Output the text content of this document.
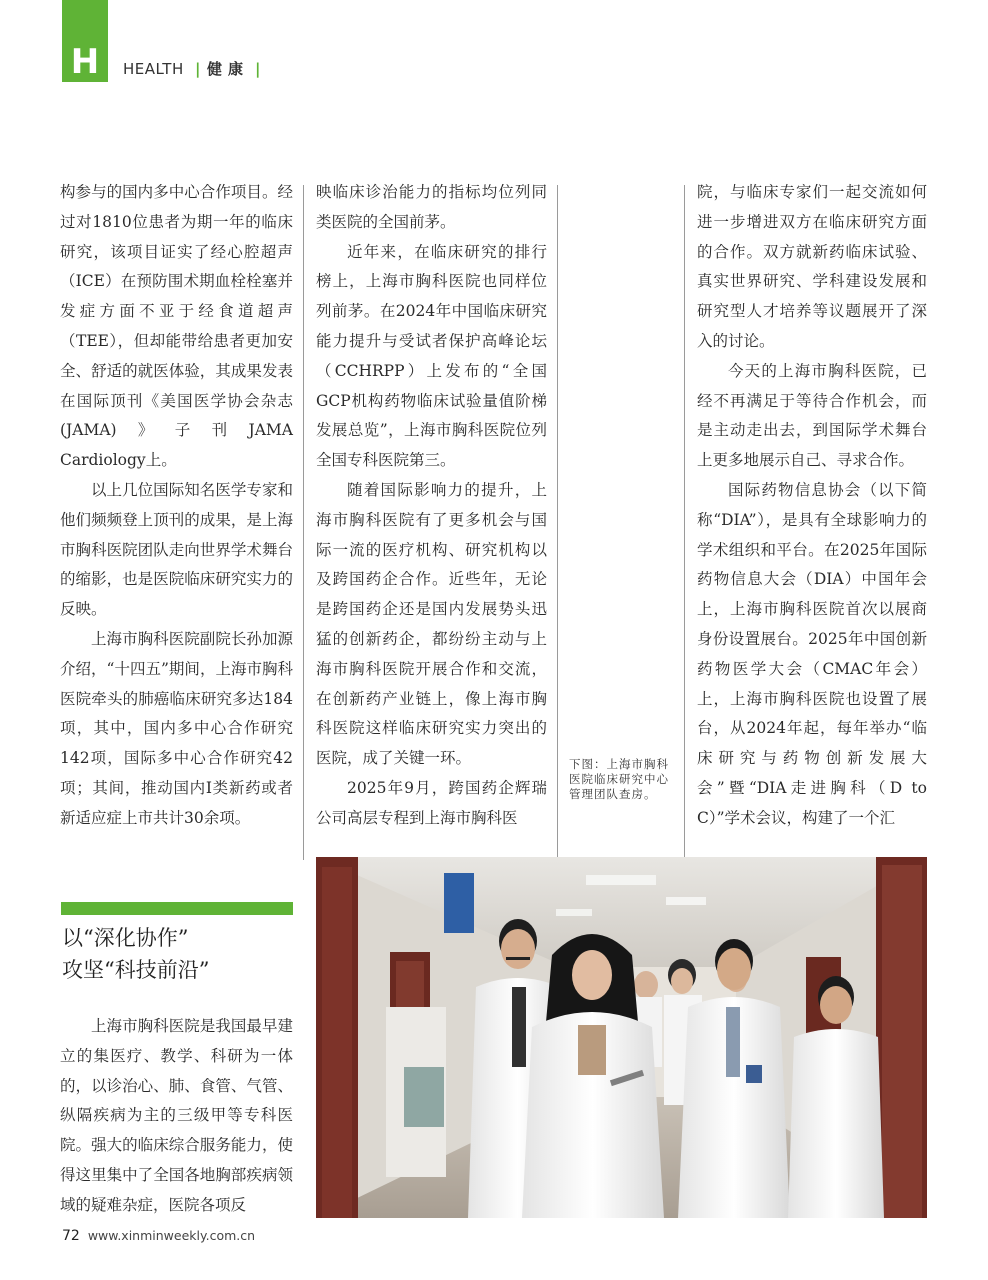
H	HEALTH | 健康 |

构参与的国内多中心合作项目。经过对1810位患者为期一年的临床研究，该项目证实了经心腔超声（ICE）在预防围术期血栓栓塞并发症方面不亚于经食道超声（TEE），但却能带给患者更加安全、舒适的就医体验，其成果发表在国际顶刊《美国医学协会杂志(JAMA)》子刊JAMA Cardiology上。

以上几位国际知名医学专家和他们频频登上顶刊的成果，是上海市胸科医院团队走向世界学术舞台的缩影，也是医院临床研究实力的反映。

上海市胸科医院副院长孙加源介绍，“十四五”期间，上海市胸科医院牵头的肺癌临床研究多达184项，其中，国内多中心合作研究142项，国际多中心合作研究42项；其间，推动国内Ⅰ类新药或者新适应症上市共计30余项。

映临床诊治能力的指标均位列同类医院的全国前茅。

近年来，在临床研究的排行榜上，上海市胸科医院也同样位列前茅。在2024年中国临床研究能力提升与受试者保护高峰论坛（CCHRPP）上发布的“全国GCP机构药物临床试验量值阶梯发展总览”，上海市胸科医院位列全国专科医院第三。

随着国际影响力的提升，上海市胸科医院有了更多机会与国际一流的医疗机构、研究机构以及跨国药企合作。近些年，无论是跨国药企还是国内发展势头迅猛的创新药企，都纷纷主动与上海市胸科医院开展合作和交流，在创新药产业链上，像上海市胸科医院这样临床研究实力突出的医院，成了关键一环。

2025年9月，跨国药企辉瑞公司高层专程到上海市胸科医

院，与临床专家们一起交流如何进一步增进双方在临床研究方面的合作。双方就新药临床试验、真实世界研究、学科建设发展和研究型人才培养等议题展开了深入的讨论。

今天的上海市胸科医院，已经不再满足于等待合作机会，而是主动走出去，到国际学术舞台上更多地展示自己、寻求合作。

国际药物信息协会（以下简称“DIA”），是具有全球影响力的学术组织和平台。在2025年国际药物信息大会（DIA）中国年会上，上海市胸科医院首次以展商身份设置展台。2025年中国创新药物医学大会（CMAC年会）上，上海市胸科医院也设置了展台，从2024年起，每年举办“临床研究与药物创新发展大会”暨“DIA走进胸科（D to C）”学术会议，构建了一个汇

以“深化协作”
攻坚“科技前沿”

上海市胸科医院是我国最早建立的集医疗、教学、科研为一体的，以诊治心、肺、食管、气管、纵隔疾病为主的三级甲等专科医院。强大的临床综合服务能力，使得这里集中了全国各地胸部疾病领域的疑难杂症，医院各项反

下图：上海市胸科医院临床研究中心管理团队查房。
72 www.xinminweekly.com.cn
